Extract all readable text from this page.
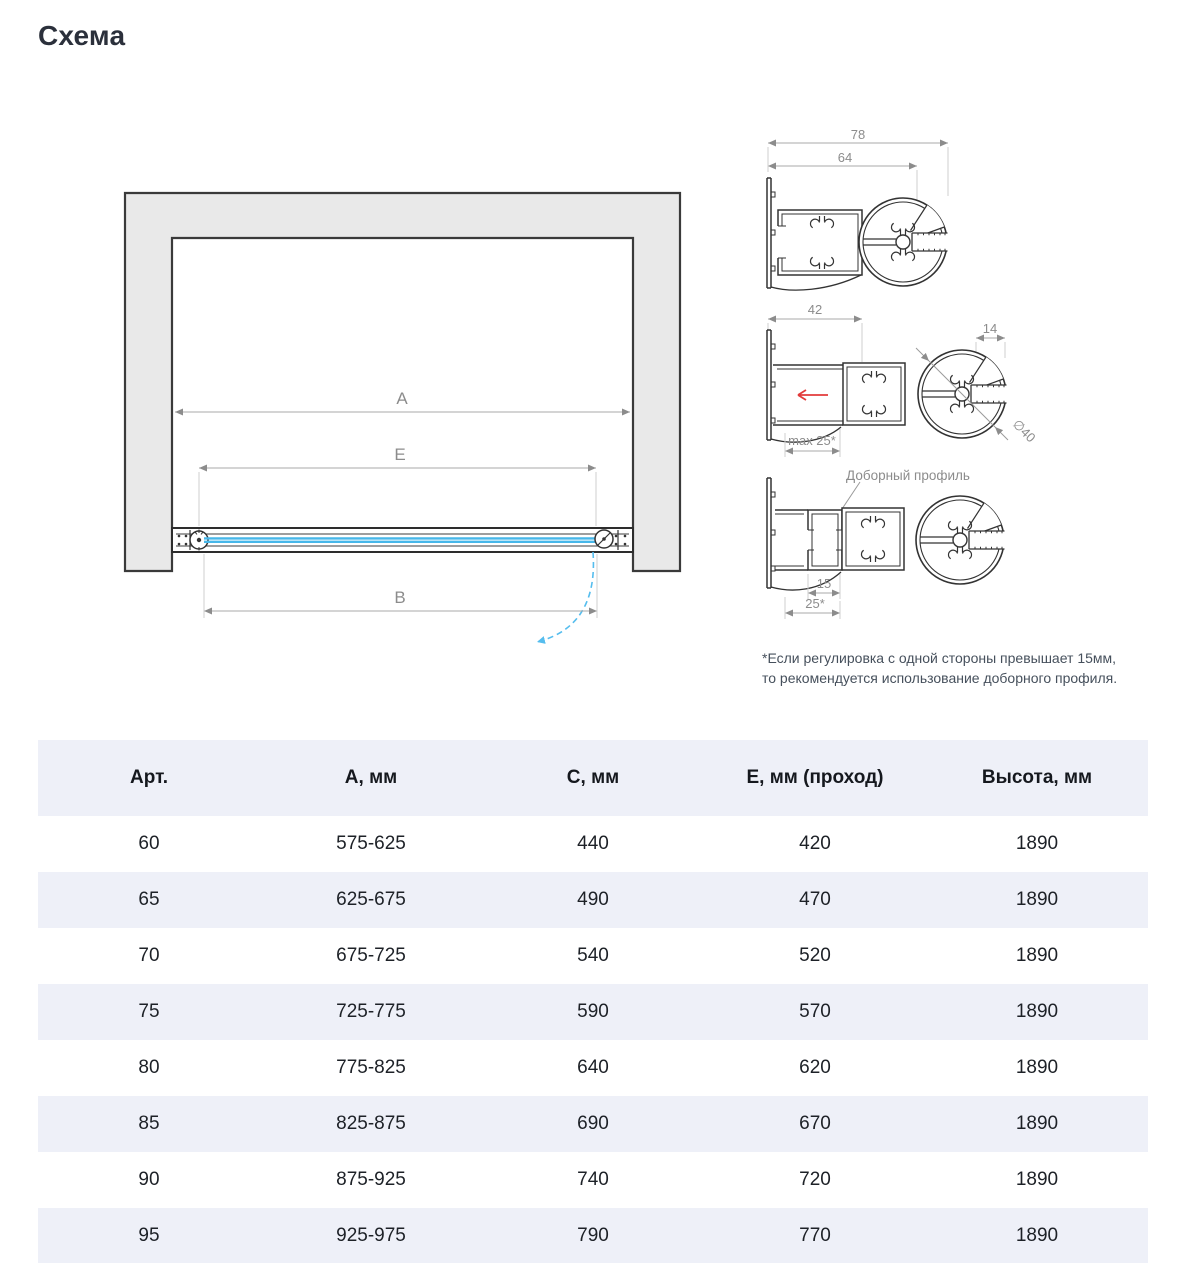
Схема
A
E
B
78
64
42
14
max 25*	∅40
Доборный профиль
15
25*
*Если регулировка с одной стороны превышает 15мм,
то рекомендуется использование доборного профиля.
Арт.	А, мм	С, мм	Е, мм (проход)	Высота, мм
60	575-625	440	420	1890
65	625-675	490	470	1890
70	675-725	540	520	1890
75	725-775	590	570	1890
80	775-825	640	620	1890
85	825-875	690	670	1890
90	875-925	740	720	1890
95	925-975	790	770	1890
